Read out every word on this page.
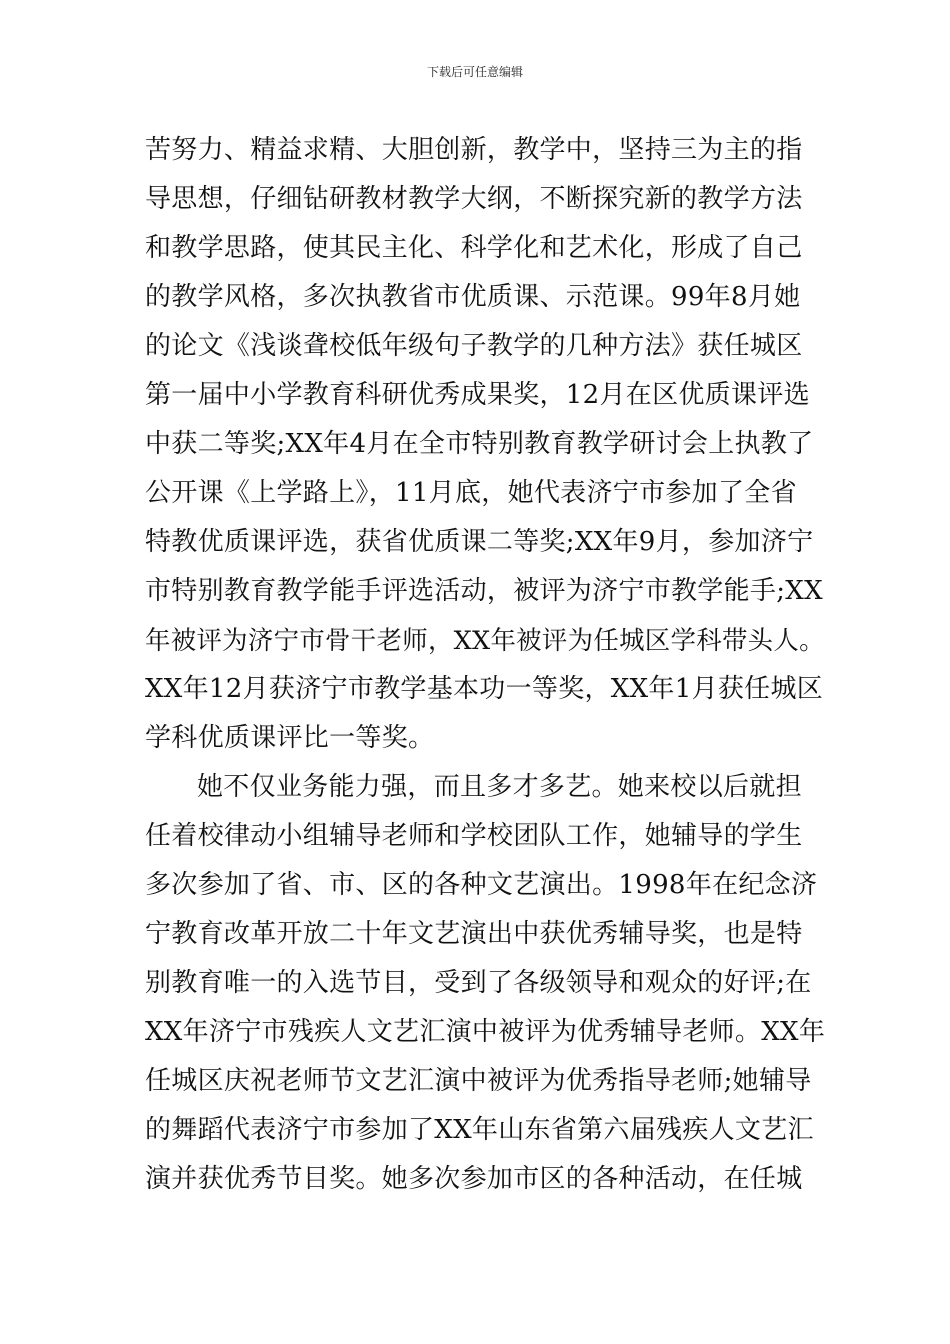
下载后可任意编辑
苦努力、精益求精、大胆创新，教学中，坚持三为主的指
导思想，仔细钻研教材教学大纲，不断探究新的教学方法
和教学思路，使其民主化、科学化和艺术化，形成了自己
的教学风格，多次执教省市优质课、示范课。99年8月她
的论文《浅谈聋校低年级句子教学的几种方法》获任城区
第一届中小学教育科研优秀成果奖，12月在区优质课评选
中获二等奖;XX年4月在全市特别教育教学研讨会上执教了
公开课《上学路上》，11月底，她代表济宁市参加了全省
特教优质课评选，获省优质课二等奖;XX年9月，参加济宁
市特别教育教学能手评选活动，被评为济宁市教学能手;XX
年被评为济宁市骨干老师，XX年被评为任城区学科带头人。
XX年12月获济宁市教学基本功一等奖，XX年1月获任城区
学科优质课评比一等奖。
她不仅业务能力强，而且多才多艺。她来校以后就担
任着校律动小组辅导老师和学校团队工作，她辅导的学生
多次参加了省、市、区的各种文艺演出。1998年在纪念济
宁教育改革开放二十年文艺演出中获优秀辅导奖，也是特
别教育唯一的入选节目，受到了各级领导和观众的好评;在
XX年济宁市残疾人文艺汇演中被评为优秀辅导老师。XX年
任城区庆祝老师节文艺汇演中被评为优秀指导老师;她辅导
的舞蹈代表济宁市参加了XX年山东省第六届残疾人文艺汇
演并获优秀节目奖。她多次参加市区的各种活动，在任城
